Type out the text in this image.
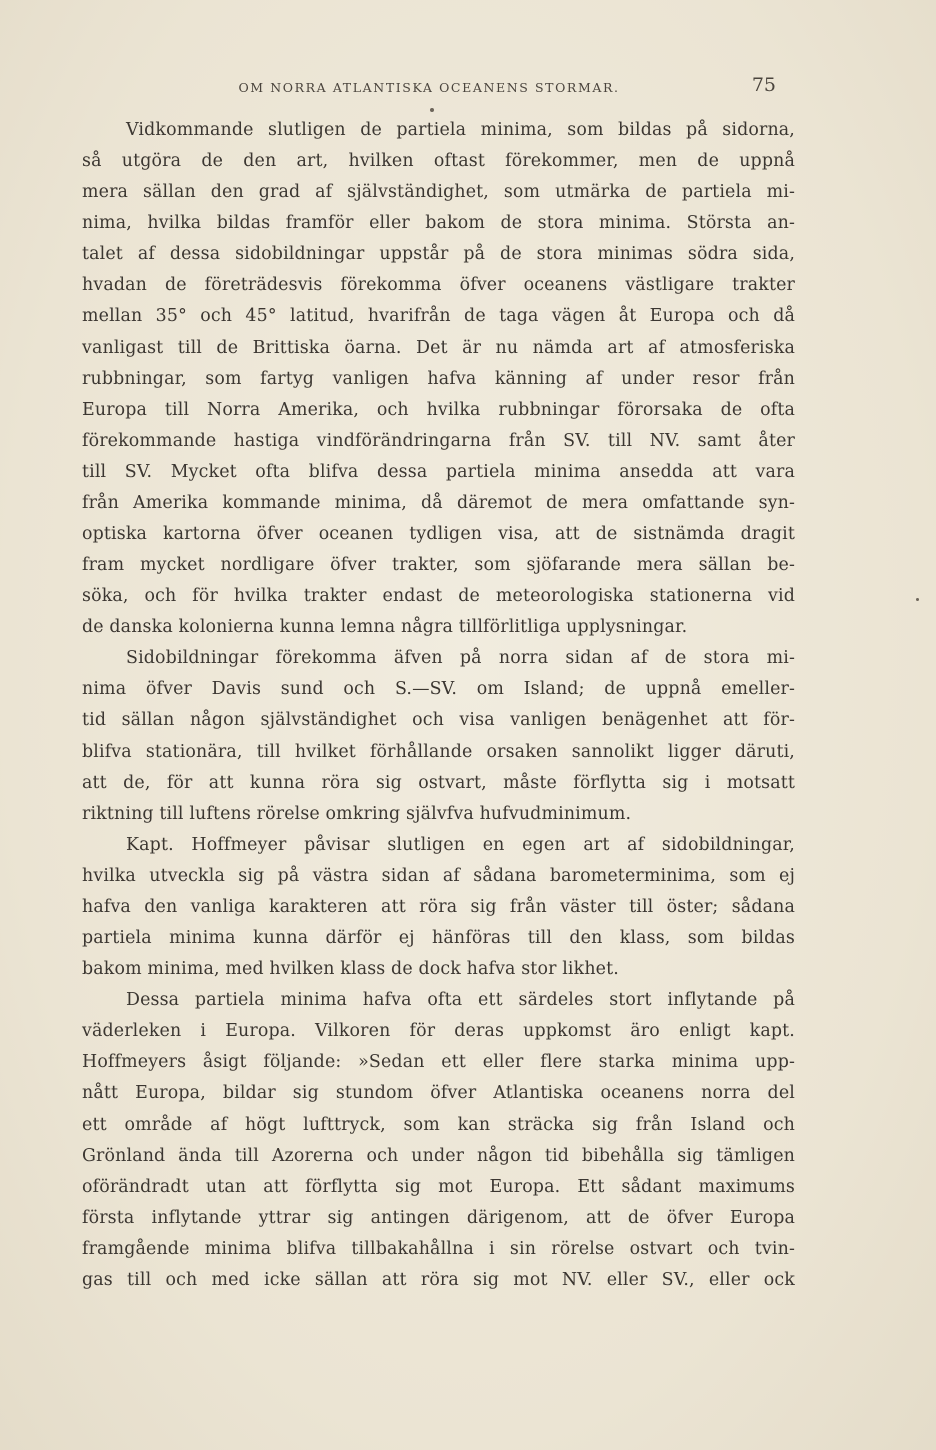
OM NORRA ATLANTISKA OCEANENS STORMAR.	75
Vidkommande slutligen de partiela minima, som bildas på sidorna,
så utgöra de den art, hvilken oftast förekommer, men de uppnå
mera sällan den grad af självständighet, som utmärka de partiela mi-
nima, hvilka bildas framför eller bakom de stora minima. Största an-
talet af dessa sidobildningar uppstår på de stora minimas södra sida,
hvadan de företrädesvis förekomma öfver oceanens västligare trakter
mellan 35° och 45° latitud, hvarifrån de taga vägen åt Europa och då
vanligast till de Brittiska öarna. Det är nu nämda art af atmosferiska
rubbningar, som fartyg vanligen hafva känning af under resor från
Europa till Norra Amerika, och hvilka rubbningar förorsaka de ofta
förekommande hastiga vindförändringarna från SV. till NV. samt åter
till SV. Mycket ofta blifva dessa partiela minima ansedda att vara
från Amerika kommande minima, då däremot de mera omfattande syn-
optiska kartorna öfver oceanen tydligen visa, att de sistnämda dragit
fram mycket nordligare öfver trakter, som sjöfarande mera sällan be-
söka, och för hvilka trakter endast de meteorologiska stationerna vid
de danska kolonierna kunna lemna några tillförlitliga upplysningar.
Sidobildningar förekomma äfven på norra sidan af de stora mi-
nima öfver Davis sund och S.—SV. om Island; de uppnå emeller-
tid sällan någon självständighet och visa vanligen benägenhet att för-
blifva stationära, till hvilket förhållande orsaken sannolikt ligger däruti,
att de, för att kunna röra sig ostvart, måste förflytta sig i motsatt
riktning till luftens rörelse omkring självfva hufvudminimum.
Kapt. Hoffmeyer påvisar slutligen en egen art af sidobildningar,
hvilka utveckla sig på västra sidan af sådana barometerminima, som ej
hafva den vanliga karakteren att röra sig från väster till öster; sådana
partiela minima kunna därför ej hänföras till den klass, som bildas
bakom minima, med hvilken klass de dock hafva stor likhet.
Dessa partiela minima hafva ofta ett särdeles stort inflytande på
väderleken i Europa. Vilkoren för deras uppkomst äro enligt kapt.
Hoffmeyers åsigt följande: »Sedan ett eller flere starka minima upp-
nått Europa, bildar sig stundom öfver Atlantiska oceanens norra del
ett område af högt lufttryck, som kan sträcka sig från Island och
Grönland ända till Azorerna och under någon tid bibehålla sig tämligen
oförändradt utan att förflytta sig mot Europa. Ett sådant maximums
första inflytande yttrar sig antingen därigenom, att de öfver Europa
framgående minima blifva tillbakahållna i sin rörelse ostvart och tvin-
gas till och med icke sällan att röra sig mot NV. eller SV., eller ock
